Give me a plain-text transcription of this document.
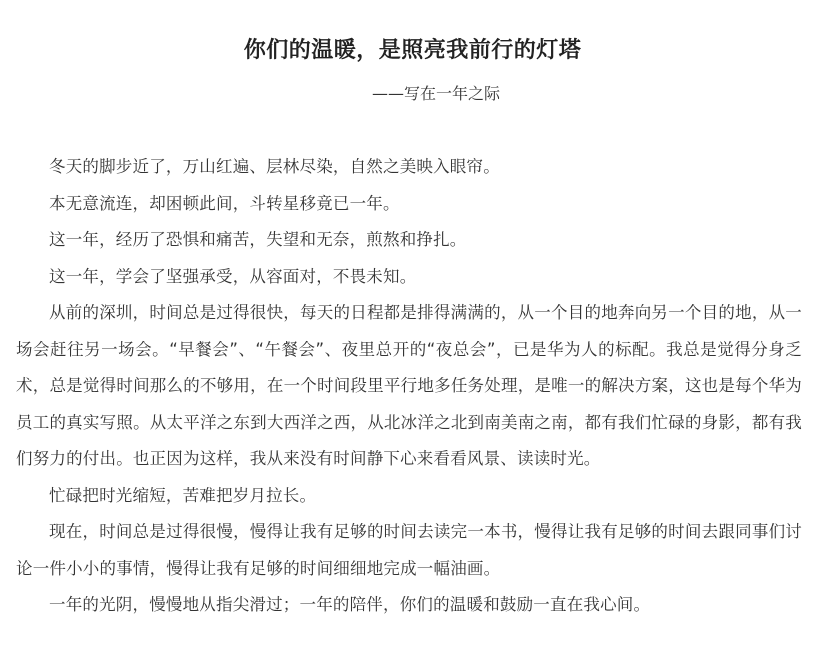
你们的温暖，是照亮我前行的灯塔

——写在一年之际

冬天的脚步近了，万山红遍、层林尽染，自然之美映入眼帘。

本无意流连，却困顿此间，斗转星移竟已一年。

这一年，经历了恐惧和痛苦，失望和无奈，煎熬和挣扎。

这一年，学会了坚强承受，从容面对，不畏未知。

从前的深圳，时间总是过得很快，每天的日程都是排得满满的，从一个目的地奔向另一个目的地，从一场会赶往另一场会。“早餐会”、“午餐会”、夜里总开的“夜总会”，已是华为人的标配。我总是觉得分身乏术，总是觉得时间那么的不够用，在一个时间段里平行地多任务处理，是唯一的解决方案，这也是每个华为员工的真实写照。从太平洋之东到大西洋之西，从北冰洋之北到南美南之南，都有我们忙碌的身影，都有我们努力的付出。也正因为这样，我从来没有时间静下心来看看风景、读读时光。

忙碌把时光缩短，苦难把岁月拉长。

现在，时间总是过得很慢，慢得让我有足够的时间去读完一本书，慢得让我有足够的时间去跟同事们讨论一件小小的事情，慢得让我有足够的时间细细地完成一幅油画。

一年的光阴，慢慢地从指尖滑过；一年的陪伴，你们的温暖和鼓励一直在我心间。
